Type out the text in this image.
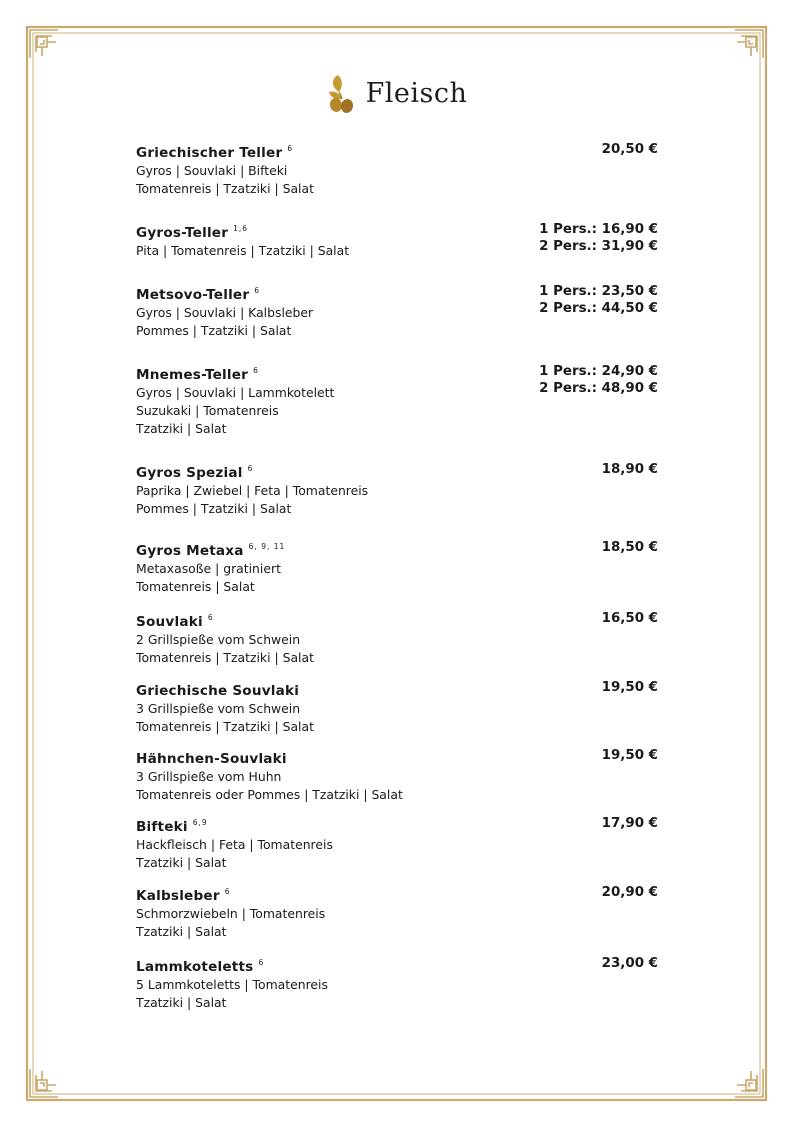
Fleisch
Griechischer Teller $^6$
Gyros | Souvlaki | Bifteki
Tomatenreis | Tzatziki | Salat
20,50 €
Gyros-Teller $^{1,6}$
Pita | Tomatenreis | Tzatziki | Salat
1 Pers.: 16,90 €
2 Pers.: 31,90 €
Metsovo-Teller $^6$
Gyros | Souvlaki | Kalbsleber
Pommes | Tzatziki | Salat
1 Pers.: 23,50 €
2 Pers.: 44,50 €
Mnemes-Teller $^6$
Gyros | Souvlaki | Lammkotelett
Suzukaki | Tomatenreis
Tzatziki | Salat
1 Pers.: 24,90 €
2 Pers.: 48,90 €
Gyros Spezial $^6$
Paprika | Zwiebel | Feta | Tomatenreis
Pommes | Tzatziki | Salat
18,90 €
Gyros Metaxa $^{6, 9, 11}$
Metaxasoße | gratiniert
Tomatenreis | Salat
18,50 €
Souvlaki $^6$
2 Grillspieße vom Schwein
Tomatenreis | Tzatziki | Salat
16,50 €
Griechische Souvlaki
3 Grillspieße vom Schwein
Tomatenreis | Tzatziki | Salat
19,50 €
Hähnchen-Souvlaki
3 Grillspieße vom Huhn
Tomatenreis oder Pommes | Tzatziki | Salat
19,50 €
Bifteki $^{6,9}$
Hackfleisch | Feta | Tomatenreis
Tzatziki | Salat
17,90 €
Kalbsleber $^6$
Schmorzwiebeln | Tomatenreis
Tzatziki | Salat
20,90 €
Lammkoteletts $^6$
5 Lammkoteletts | Tomatenreis
Tzatziki | Salat
23,00 €
